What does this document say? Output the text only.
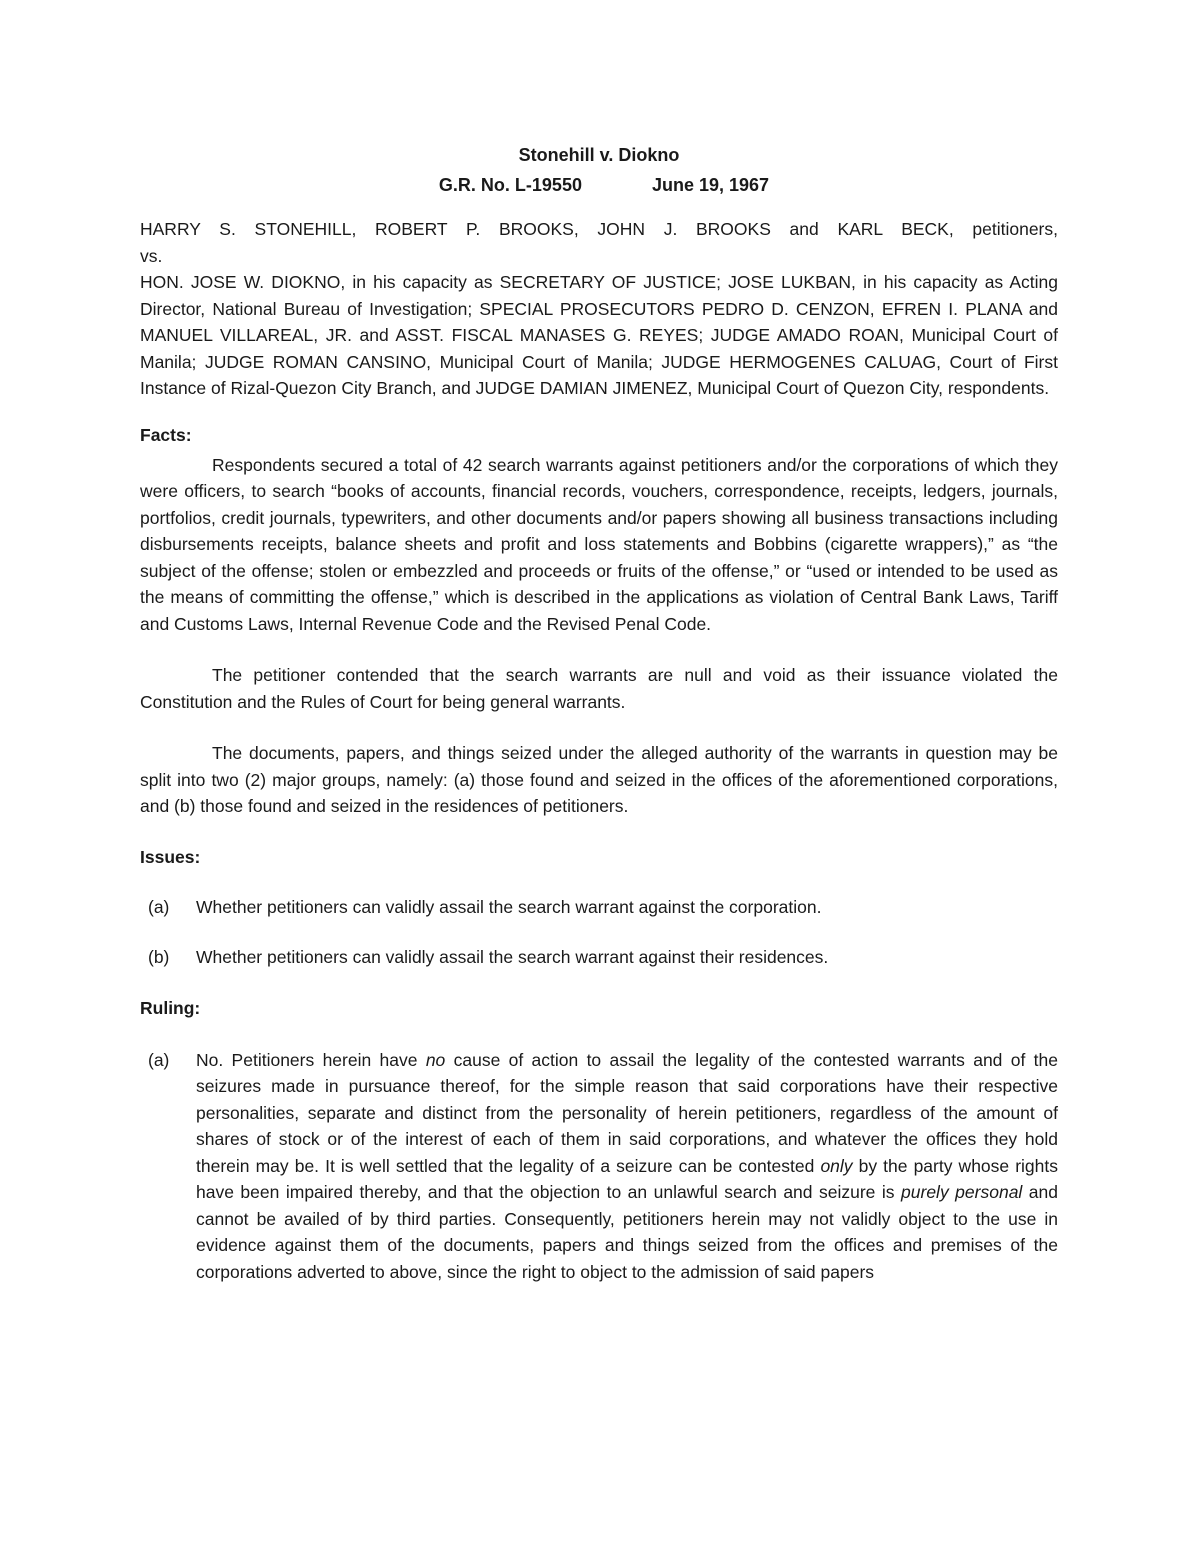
Stonehill v. Diokno
G.R. No. L-19550	June 19, 1967

HARRY S. STONEHILL, ROBERT P. BROOKS, JOHN J. BROOKS and KARL BECK, petitioners,

vs.

HON. JOSE W. DIOKNO, in his capacity as SECRETARY OF JUSTICE; JOSE LUKBAN, in his capacity as Acting Director, National Bureau of Investigation; SPECIAL PROSECUTORS PEDRO D. CENZON, EFREN I. PLANA and MANUEL VILLAREAL, JR. and ASST. FISCAL MANASES G. REYES; JUDGE AMADO ROAN, Municipal Court of Manila; JUDGE ROMAN CANSINO, Municipal Court of Manila; JUDGE HERMOGENES CALUAG, Court of First Instance of Rizal-Quezon City Branch, and JUDGE DAMIAN JIMENEZ, Municipal Court of Quezon City, respondents.

Facts:

Respondents secured a total of 42 search warrants against petitioners and/or the corporations of which they were officers, to search “books of accounts, financial records, vouchers, correspondence, receipts, ledgers, journals, portfolios, credit journals, typewriters, and other documents and/or papers showing all business transactions including disbursements receipts, balance sheets and profit and loss statements and Bobbins (cigarette wrappers),” as “the subject of the offense; stolen or embezzled and proceeds or fruits of the offense,” or “used or intended to be used as the means of committing the offense,” which is described in the applications as violation of Central Bank Laws, Tariff and Customs Laws, Internal Revenue Code and the Revised Penal Code.

The petitioner contended that the search warrants are null and void as their issuance violated the Constitution and the Rules of Court for being general warrants.

The documents, papers, and things seized under the alleged authority of the warrants in question may be split into two (2) major groups, namely: (a) those found and seized in the offices of the aforementioned corporations, and (b) those found and seized in the residences of petitioners.

Issues:
(a)	Whether petitioners can validly assail the search warrant against the corporation.
(b)	Whether petitioners can validly assail the search warrant against their residences.
Ruling:
(a)	No. Petitioners herein have no cause of action to assail the legality of the contested warrants and of the seizures made in pursuance thereof, for the simple reason that said corporations have their respective personalities, separate and distinct from the personality of herein petitioners, regardless of the amount of shares of stock or of the interest of each of them in said corporations, and whatever the offices they hold therein may be. It is well settled that the legality of a seizure can be contested only by the party whose rights have been impaired thereby, and that the objection to an unlawful search and seizure is purely personal and cannot be availed of by third parties. Consequently, petitioners herein may not validly object to the use in evidence against them of the documents, papers and things seized from the offices and premises of the corporations adverted to above, since the right to object to the admission of said papers
